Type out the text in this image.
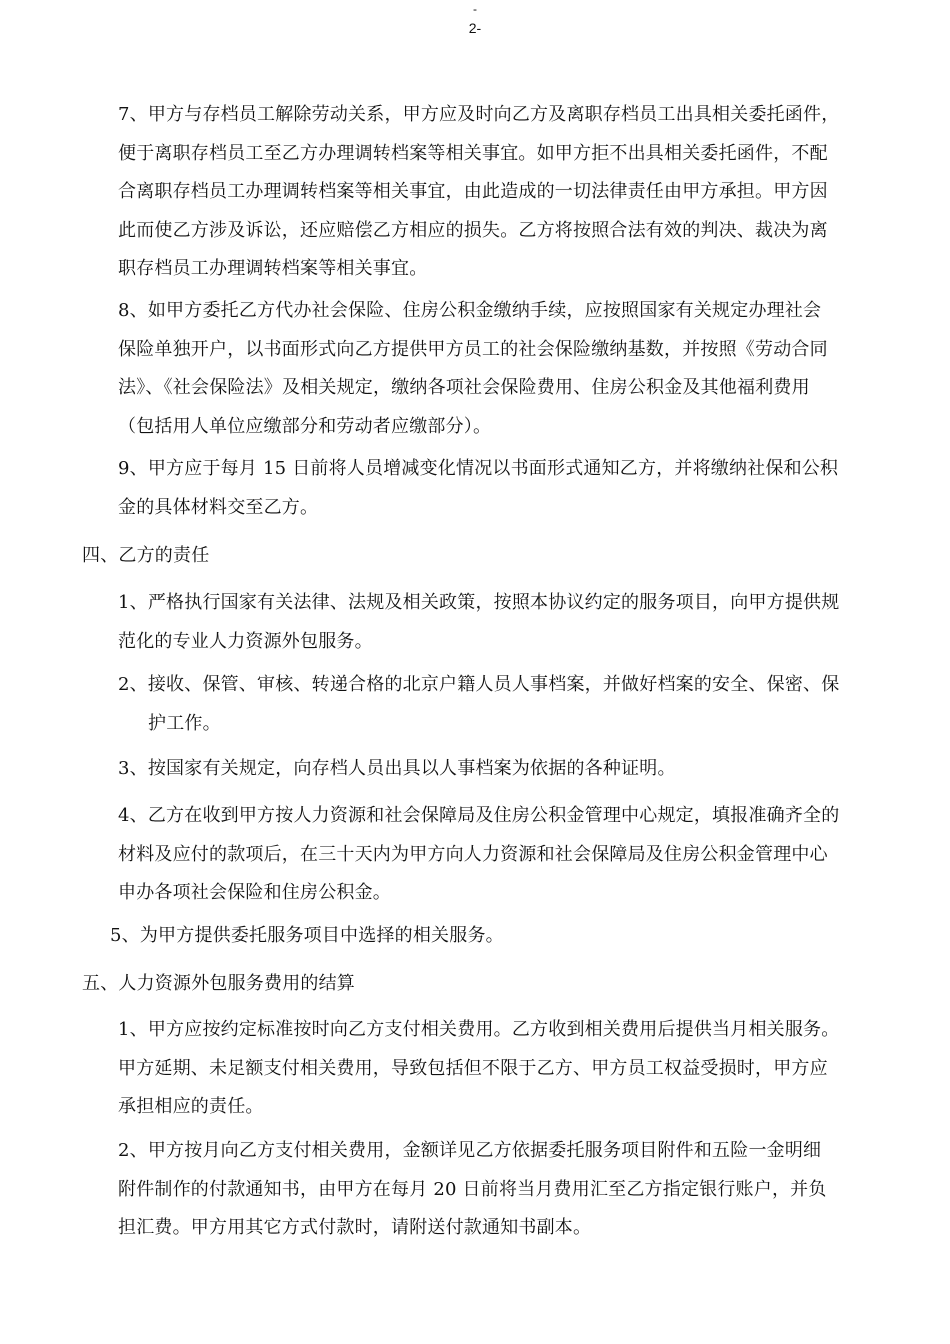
-
2-
7、甲方与存档员工解除劳动关系，甲方应及时向乙方及离职存档员工出具相关委托函件，
便于离职存档员工至乙方办理调转档案等相关事宜。如甲方拒不出具相关委托函件，不配
合离职存档员工办理调转档案等相关事宜，由此造成的一切法律责任由甲方承担。甲方因
此而使乙方涉及诉讼，还应赔偿乙方相应的损失。乙方将按照合法有效的判决、裁决为离
职存档员工办理调转档案等相关事宜。
8、如甲方委托乙方代办社会保险、住房公积金缴纳手续，应按照国家有关规定办理社会
保险单独开户，以书面形式向乙方提供甲方员工的社会保险缴纳基数，并按照《劳动合同
法》、《社会保险法》及相关规定，缴纳各项社会保险费用、住房公积金及其他福利费用
（包括用人单位应缴部分和劳动者应缴部分）。
9、甲方应于每月 15 日前将人员增减变化情况以书面形式通知乙方，并将缴纳社保和公积
金的具体材料交至乙方。
四、乙方的责任
1、严格执行国家有关法律、法规及相关政策，按照本协议约定的服务项目，向甲方提供规
范化的专业人力资源外包服务。
2、接收、保管、审核、转递合格的北京户籍人员人事档案，并做好档案的安全、保密、保
护工作。
3、按国家有关规定，向存档人员出具以人事档案为依据的各种证明。
4、乙方在收到甲方按人力资源和社会保障局及住房公积金管理中心规定，填报准确齐全的
材料及应付的款项后，在三十天内为甲方向人力资源和社会保障局及住房公积金管理中心
申办各项社会保险和住房公积金。
5、为甲方提供委托服务项目中选择的相关服务。
五、人力资源外包服务费用的结算
1、甲方应按约定标准按时向乙方支付相关费用。乙方收到相关费用后提供当月相关服务。
甲方延期、未足额支付相关费用，导致包括但不限于乙方、甲方员工权益受损时，甲方应
承担相应的责任。
2、甲方按月向乙方支付相关费用，金额详见乙方依据委托服务项目附件和五险一金明细
附件制作的付款通知书，由甲方在每月 20 日前将当月费用汇至乙方指定银行账户，并负
担汇费。甲方用其它方式付款时，请附送付款通知书副本。
